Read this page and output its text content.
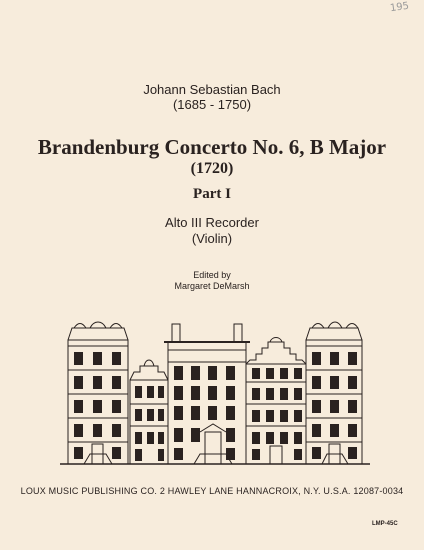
195
Johann Sebastian Bach
(1685 - 1750)
Brandenburg Concerto No. 6, B Major
(1720)
Part I
Alto III Recorder
(Violin)
Edited by
Margaret DeMarsh
LOUX MUSIC PUBLISHING CO. 2 HAWLEY LANE HANNACROIX, N.Y. U.S.A. 12087-0034
LMP-45C
